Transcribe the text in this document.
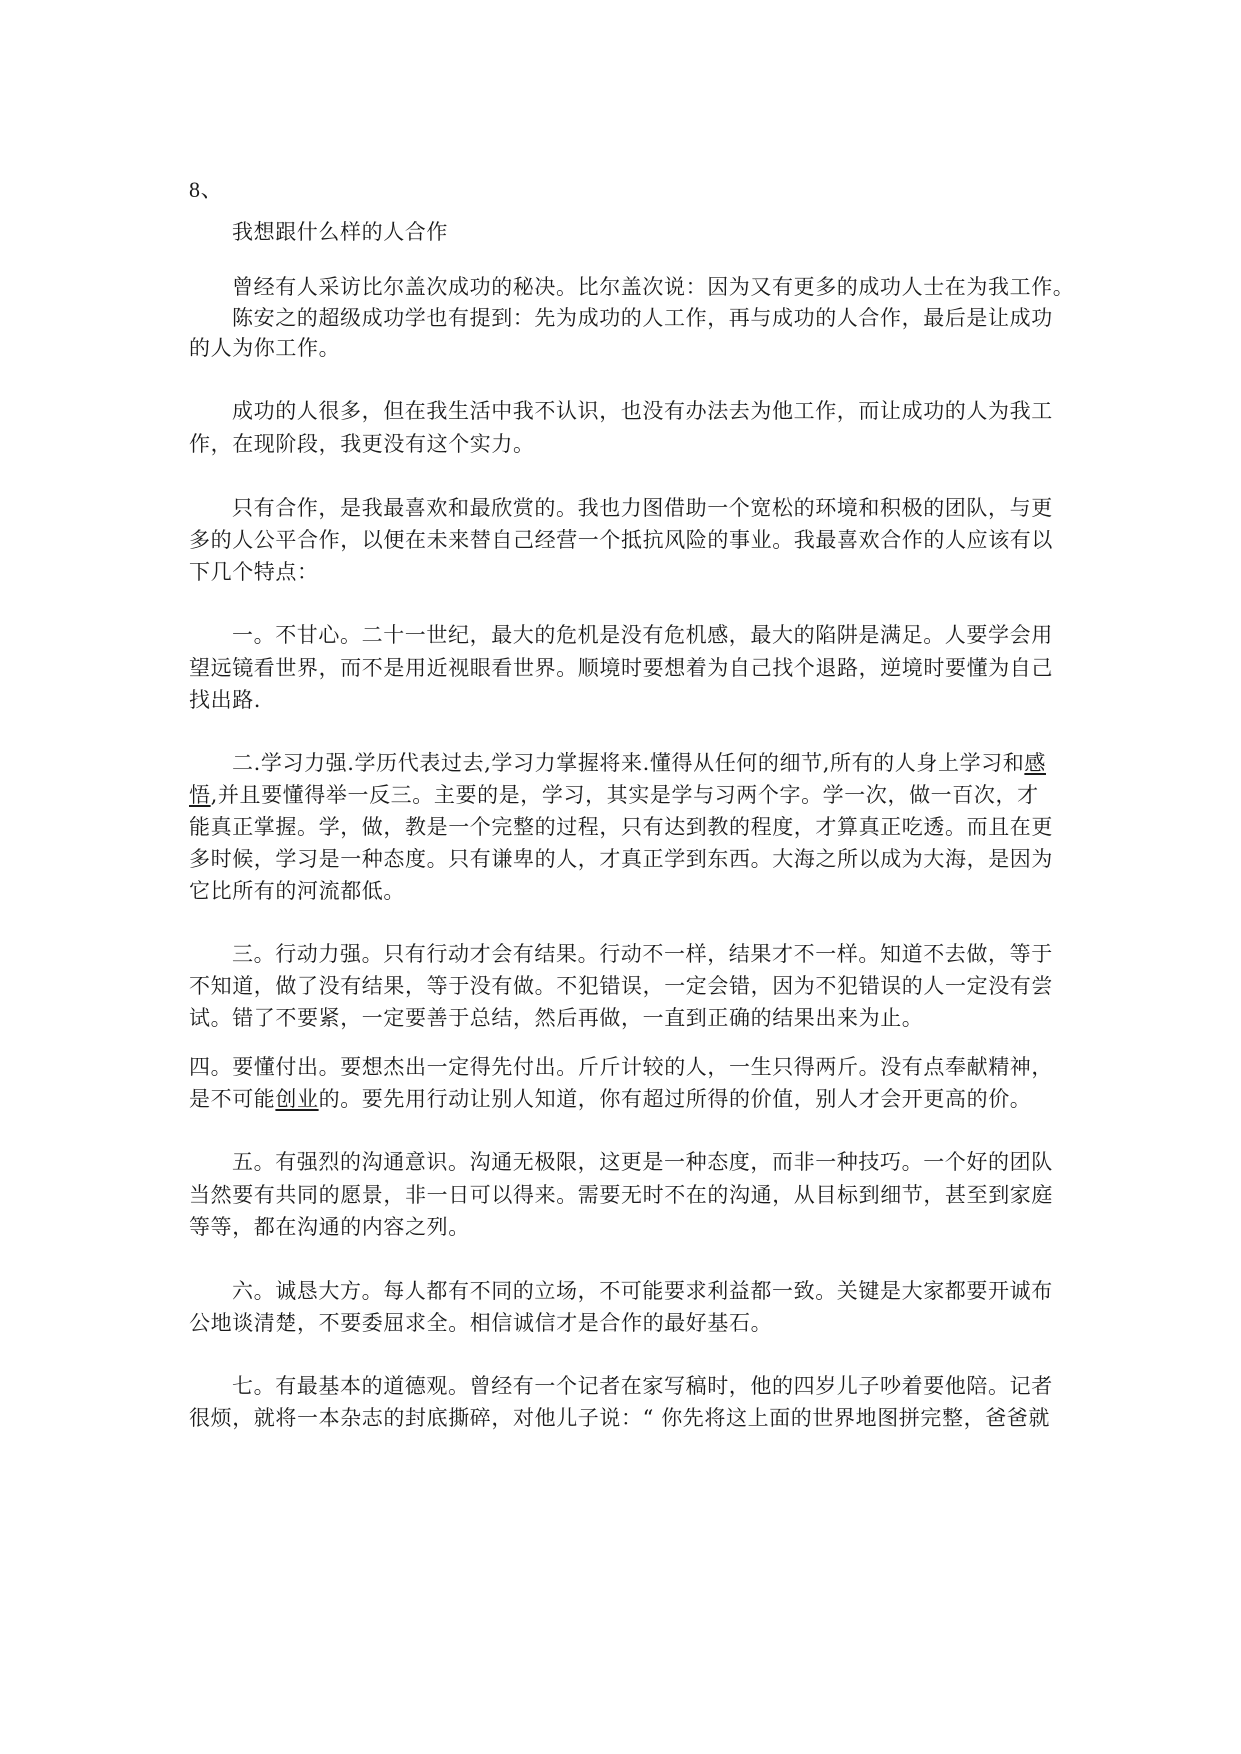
8、
我想跟什么样的人合作
曾经有人采访比尔盖次成功的秘决。比尔盖次说：因为又有更多的成功人士在为我工作。
陈安之的超级成功学也有提到：先为成功的人工作，再与成功的人合作，最后是让成功
的人为你工作。
成功的人很多，但在我生活中我不认识，也没有办法去为他工作，而让成功的人为我工
作，在现阶段，我更没有这个实力。
只有合作，是我最喜欢和最欣赏的。我也力图借助一个宽松的环境和积极的团队，与更
多的人公平合作，以便在未来替自己经营一个抵抗风险的事业。我最喜欢合作的人应该有以
下几个特点：
一。不甘心。二十一世纪，最大的危机是没有危机感，最大的陷阱是满足。人要学会用
望远镜看世界，而不是用近视眼看世界。顺境时要想着为自己找个退路，逆境时要懂为自己
找出路.
二.学习力强.学历代表过去,学习力掌握将来.懂得从任何的细节,所有的人身上学习和感
悟,并且要懂得举一反三。主要的是，学习，其实是学与习两个字。学一次，做一百次，才
能真正掌握。学，做，教是一个完整的过程，只有达到教的程度，才算真正吃透。而且在更
多时候，学习是一种态度。只有谦卑的人，才真正学到东西。大海之所以成为大海，是因为
它比所有的河流都低。
三。行动力强。只有行动才会有结果。行动不一样，结果才不一样。知道不去做，等于
不知道，做了没有结果，等于没有做。不犯错误，一定会错，因为不犯错误的人一定没有尝
试。错了不要紧，一定要善于总结，然后再做，一直到正确的结果出来为止。
四。要懂付出。要想杰出一定得先付出。斤斤计较的人，一生只得两斤。没有点奉献精神，
是不可能创业的。要先用行动让别人知道，你有超过所得的价值，别人才会开更高的价。
五。有强烈的沟通意识。沟通无极限，这更是一种态度，而非一种技巧。一个好的团队
当然要有共同的愿景，非一日可以得来。需要无时不在的沟通，从目标到细节，甚至到家庭
等等，都在沟通的内容之列。
六。诚恳大方。每人都有不同的立场，不可能要求利益都一致。关键是大家都要开诚布
公地谈清楚，不要委屈求全。相信诚信才是合作的最好基石。
七。有最基本的道德观。曾经有一个记者在家写稿时，他的四岁儿子吵着要他陪。记者
很烦，就将一本杂志的封底撕碎，对他儿子说：“ 你先将这上面的世界地图拼完整，爸爸就
